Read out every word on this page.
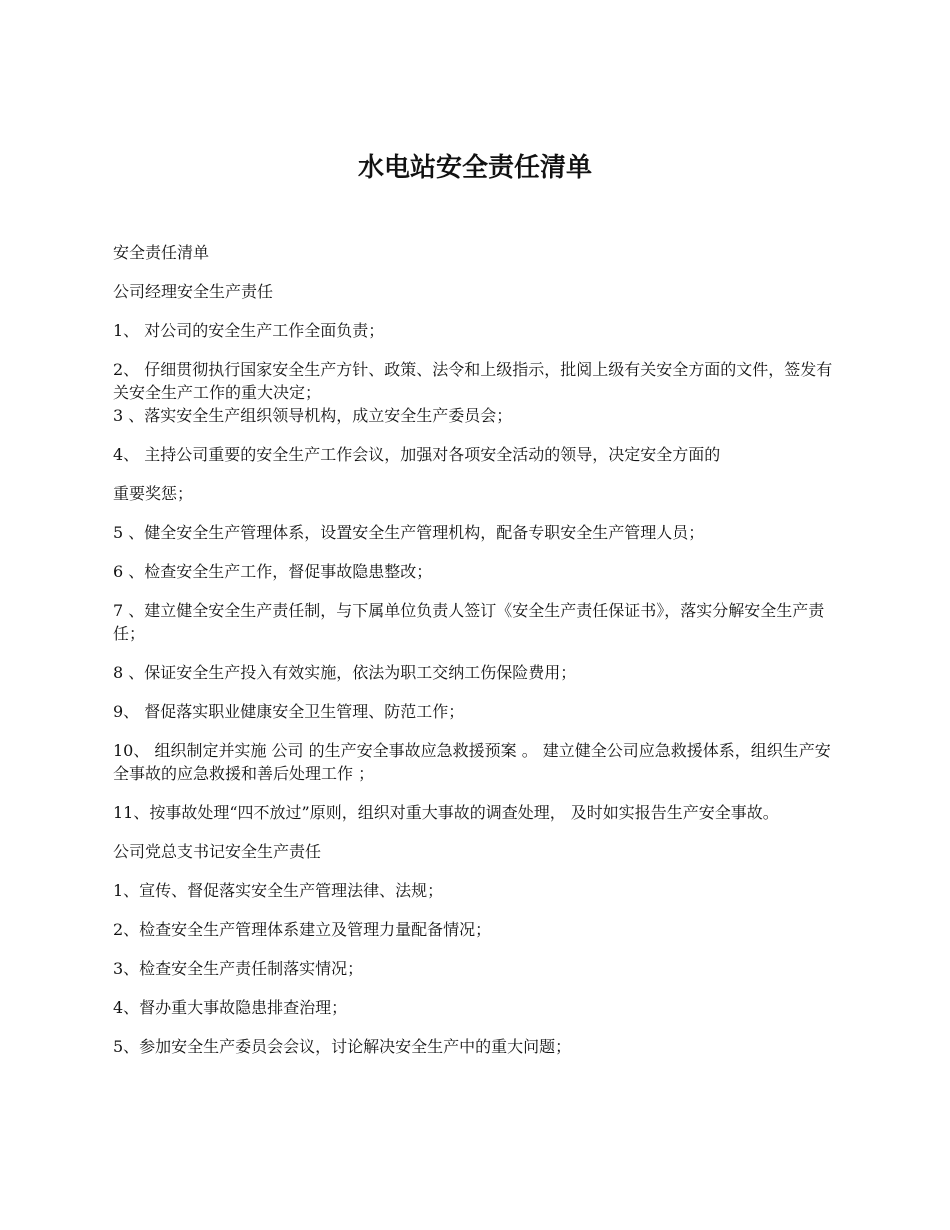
水电站安全责任清单

安全责任清单

公司经理安全生产责任

1、 对公司的安全生产工作全面负责；

2、 仔细贯彻执行国家安全生产方针、政策、法令和上级指示，批阅上级有关安全方面的文件，签发有关安全生产工作的重大决定；

3 、落实安全生产组织领导机构，成立安全生产委员会；

4、 主持公司重要的安全生产工作会议，加强对各项安全活动的领导，决定安全方面的

重要奖惩；

5 、健全安全生产管理体系，设置安全生产管理机构，配备专职安全生产管理人员；

6 、检查安全生产工作，督促事故隐患整改；

7 、建立健全安全生产责任制，与下属单位负责人签订《安全生产责任保证书》，落实分解安全生产责任；

8 、保证安全生产投入有效实施，依法为职工交纳工伤保险费用；

9、 督促落实职业健康安全卫生管理、防范工作；

10、 组织制定并实施 公司 的生产安全事故应急救援预案 。 建立健全公司应急救援体系，组织生产安全事故的应急救援和善后处理工作 ；

11、按事故处理“四不放过”原则，组织对重大事故的调查处理， 及时如实报告生产安全事故。

公司党总支书记安全生产责任

1、宣传、督促落实安全生产管理法律、法规；

2、检查安全生产管理体系建立及管理力量配备情况；

3、检查安全生产责任制落实情况；

4、督办重大事故隐患排查治理；

5、参加安全生产委员会会议，讨论解决安全生产中的重大问题；
